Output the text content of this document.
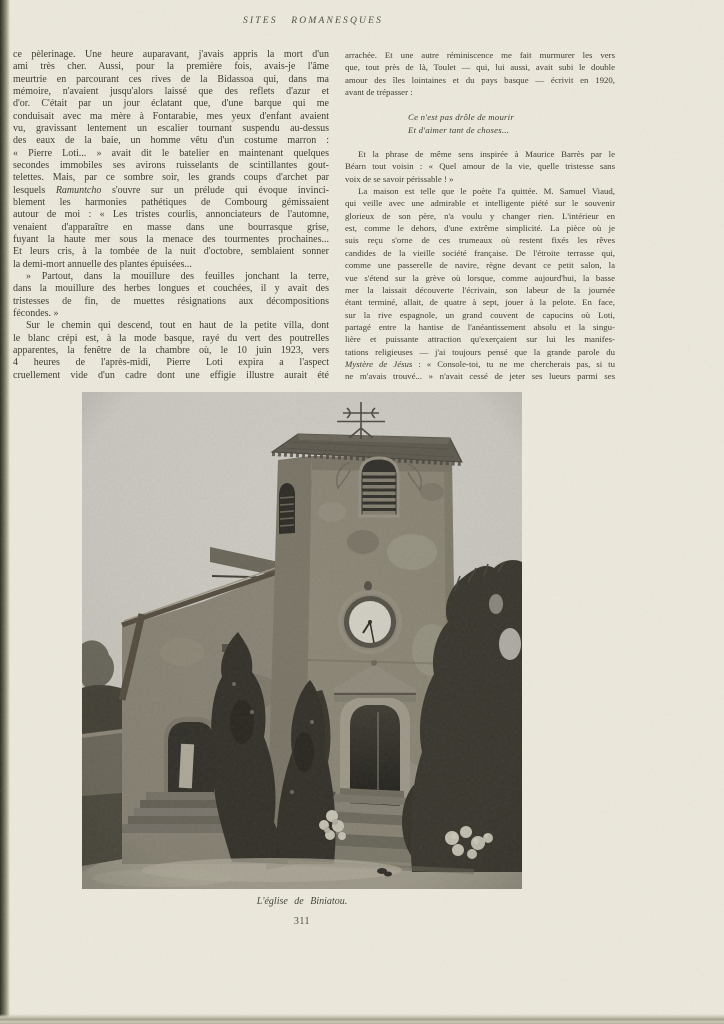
SITES ROMANESQUES
ce pèlerinage. Une heure auparavant, j'avais appris la mort d'un
ami très cher. Aussi, pour la première fois, avais-je l'âme
meurtrie en parcourant ces rives de la Bidassoa qui, dans ma
mémoire, n'avaient jusqu'alors laissé que des reflets d'azur et
d'or. C'était par un jour éclatant que, d'une barque qui me
conduisait avec ma mère à Fontarabie, mes yeux d'enfant avaient
vu, gravissant lentement un escalier tournant suspendu au-dessus
des eaux de la baie, un homme vêtu d'un costume marron :
« Pierre Loti... » avait dit le batelier en maintenant quelques
secondes immobiles ses avirons ruisselants de scintillantes gout-
telettes. Mais, par ce sombre soir, les grands coups d'archet par
lesquels Ramuntcho s'ouvre sur un prélude qui évoque invinci-
blement les harmonies pathétiques de Combourg gémissaient
autour de moi : « Les tristes courlis, annonciateurs de l'automne,
venaient d'apparaître en masse dans une bourrasque grise,
fuyant la haute mer sous la menace des tourmentes prochaines...
Et leurs cris, à la tombée de la nuit d'octobre, semblaient sonner
la demi-mort annuelle des plantes épuisées...
» Partout, dans la mouillure des feuilles jonchant la terre,
dans la mouillure des herbes longues et couchées, il y avait des
tristesses de fin, de muettes résignations aux décompositions
fécondes. »
Sur le chemin qui descend, tout en haut de la petite villa, dont
le blanc crépi est, à la mode basque, rayé du vert des poutrelles
apparentes, la fenêtre de la chambre où, le 10 juin 1923, vers
4 heures de l'après-midi, Pierre Loti expira a l'aspect
cruellement vide d'un cadre dont une effigie illustre aurait été
arrachée. Et une autre réminiscence me fait murmurer les vers
que, tout près de là, Toulet — qui, lui aussi, avait subi le double
amour des îles lointaines et du pays basque — écrivit en 1920,
avant de trépasser :
Ce n'est pas drôle de mourir
Et d'aimer tant de choses...
Et la phrase de même sens inspirée à Maurice Barrès par le
Béarn tout voisin : « Quel amour de la vie, quelle tristesse sans
voix de se savoir périssable ! »
La maison est telle que le poète l'a quittée. M. Samuel Viaud,
qui veille avec une admirable et intelligente piété sur le souvenir
glorieux de son père, n'a voulu y changer rien. L'intérieur en
est, comme le dehors, d'une extrême simplicité. La pièce où je
suis reçu s'orne de ces trumeaux où restent fixés les rêves
candides de la vieille société française. De l'étroite terrasse qui,
comme une passerelle de navire, règne devant ce petit salon, la
vue s'étend sur la grève où lorsque, comme aujourd'hui, la basse
mer la laissait découverte l'écrivain, son labeur de la journée
étant terminé, allait, de quatre à sept, jouer à la pelote. En face,
sur la rive espagnole, un grand couvent de capucins où Loti,
partagé entre la hantise de l'anéantissement absolu et la singu-
lière et puissante attraction qu'exerçaient sur lui les manifes-
tations religieuses — j'ai toujours pensé que la grande parole du
Mystère de Jésus : « Console-toi, tu ne me chercherais pas, si tu
ne m'avais trouvé... » n'avait cessé de jeter ses lueurs parmi ses
L'église de Biniatou.
311
